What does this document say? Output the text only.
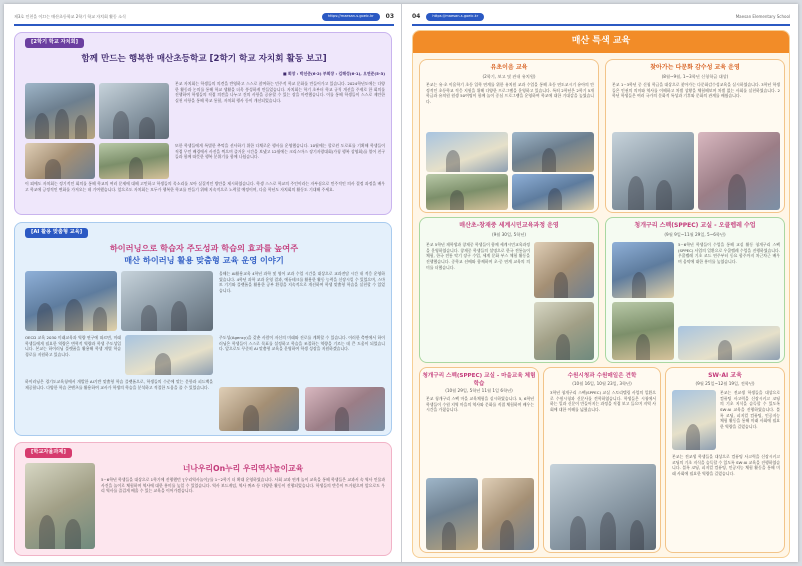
제3호 인천을 이끄는 매산초등학교 2학기 학교 자치회 활동 소식	https://maesan-s.goeic.kr	03
[2학기 학교 자치회]
함께 만드는 행복한 매산초등학교 [2학기 학교 자치회 활동 보고]
■ 회장 : 박선준(6-2) 부회장 : 김해성(6-1), 오연준(5-3)
본교 자치회는 학생들의 의견을 반영하고 스스로 참여하는 민주적 학교 문화를 만들어가고 있습니다. 2024학년도에는 다양한 활동과 논의를 통해 학교 생활을 더욱 풍성하게 만들었습니다. 자치회는 학기 초부터 학교 규칙 개선을 주제로 한 회의를 진행하여 학생들의 직접 의견을 나누고 건의 사항을 공유할 수 있는 장을 마련했습니다. 이를 통해 학생들이 스스로 제안한 실천 사항을 통해 학교 통합, 자치회 행사 등이 개선되었습니다.
또한 학생들에게 특별한 추억을 선사하기 위한 다채로운 행사를 운영했습니다. 10월에는 할로윈 도로표를 기획해 학생들이 직접 무언 배경에서 사진을 찍으며 즐거운 시간을 보냈고 12월에는 크리스마스 장기자랑대회(가칭 행복 상영회)를 열어 친구들과 함께 따뜻한 행복 분위기를 함께 나눴습니다.
이 외에도 자치회는 정기적인 회의를 통해 학교의 여러 문제에 대해 고민하고 학생들의 목소리를 모아 실질적인 방안을 제시하였습니다. 학생 스스로 학교의 주인이라는 자부심으로 민주적인 의사 결정 과정을 배우고 학교에 긍정적인 변화를 가져오는 데 기여했습니다. 앞으로도 자치회는 모두가 행복한 학교를 만들기 위해 지속적으로 노력할 예정이며, 다음 학년도 자치회의 활동도 기대해 주세요.
[AI 활용 맞춤형 교육]
하이러닝으로 학습자 주도성과 학습의 효과를 높여주
매산 하이러닝 활용 맞춤형 교육 운영 이야기
올해는 AI활용교육 4학년 과학 및 영어 교과 수업 시간을 대상으로 교과전담 시간 내 적응 운영하였습니다. 4학년 과학 교과 운영 결과, 에듀테크를 활용한 활동 능력을 신장시킬 수 있었으며, 스마트 기기와 플랫폼을 활용한 공부 환경을 지속적으로 개선하여 학생 맞춤형 학습을 실천할 수 있었습니다.
OECD 교육 2030 미래교육과 역량 연구에 따르면, 미래 학생들에게 필요한 역량은 변혁적 역량과 학생 주도성입니다. 본교는 하이러닝 플랫폼을 활용해 학생 개별 학습 경로를 지원하고 있습니다.
주도성(Agency)을 갖춘 사람이 자신의 미래와 진로를 계획할 수 있습니다. 이러한 측면에서 하이러닝은 학생들이 스스로 목표를 설정하고 학습을 조절하는 역량을 기르는 데 큰 도움이 되었습니다. 앞으로도 꾸준히 AI 맞춤형 교육을 운영하여 학생 성장을 지원하겠습니다.
하이러닝은 경기도교육청에서 개발한 AI기반 맞춤형 학습 플랫폼으로, 학생들의 수준에 맞는 문항과 피드백을 제공합니다. 다양한 학습 콘텐츠를 활용하여 교사가 학생의 학습을 분석하고 적절한 도움을 줄 수 있었습니다.
[학교자율과제]
너나우리On누리 우리역사놀이교육
5~6학년 학생들을 대상으로 1학기에 진행했던 '[우리역사놀이]'를 1~2학기 더 확대 운영하였습니다. 사회 교과 연계 놀이 교육을 통해 학생들은 교과서 속 역사 인물과 사건을 놀이로 체험하며 역사에 대한 흥미를 높일 수 있었습니다. 역사 보드게임, 역사 퀴즈 등 다양한 활동이 진행되었습니다. 학생들의 반응이 뜨거웠으며 앞으로도 우리 역사를 즐겁게 배울 수 있는 교육을 이어가겠습니다.
04	https://maesan-s.goeic.kr	Maesan Elementary School
매산 특색 교육
유초이음 교육
(2학기, 보고 및 관내 유치원)
본교는 유·초 이음학기 초등 입학 연계를 위한 유치원 교과 수업을 통해 초등 연도교시기 유아의 안정적인 초등학교 적응 지원을 위해 다양한 프로그램을 운영하고 있습니다. 특히 2학년은 2학기 5개 학급과 유치원 원생 50여명이 함께 놀이 중심 프로그램을 운영하여 학교에 대한 기대감을 높였습니다.
찾아가는 다문화 감수성 교육 운영
(8월~9월, 1~3학년 신청학급 대상)
본교 1~3학년 중 신청 학급을 대상으로 찾아가는 다문화감수성교육을 실시하였습니다. 3학년 학생들은 인권의 의미와 역사를 이해하고 차별 상황을 체험해보며 차별 없는 사회를 실천하였습니다. 2학년 학생들은 여러 국가의 문화적 특성과 기후와 문화의 관계를 배웠습니다.
매산초-창재중 세계시민교육과정 운영
(9월 30일, 5학년)
본교 5학년 재학생과 창재중 학생들이 함께 세계시민교육과정을 운영하였습니다. 창재중 학생들의 설명으로 한국 전통놀이 체험, 한국 전통 악기 장구 수업, 세계 문화 부스 체험 활동을 진행했습니다. 중학교 선배와 함께하며 초·중 연계 교육의 의미를 더했습니다.
청개구리 스펙(SPPEC) 교실 - 오클렙레 수업
(9월 9일~11월 29일, 5~6학년)
5~6학년 학생들이 수업을 통해 교실 활동 청개구리 스펙(SPPEC) 사업의 일환으로 우쿨렐레 수업을 진행하였습니다. 우쿨렐레 기초 코드 연주부터 동요 합주까지 차근차근 배우며 음악에 대한 흥미를 높였습니다.
청개구리 스펙(SPPEC) 교실 - 마을교육 체험학습
(10월 29일, 5학년 11월 1일 6학년)
본교 청개구리 스펙 마을 교육체험을 실시하였습니다. 5, 6학년 학생들이 수원 지역 마을의 역사와 문화를 직접 체험하며 배우는 시간을 가졌습니다.
수원시청과 수원매일은 견학
(10월 16일, 10월 23일, 3학년)
3학년 청개구리 스펙(SPPEC) 교실 스토리텔링 사업의 일환으로 수원시청과 신문사를 견학하였습니다. 학생들은 시청에서 하는 일과 신문이 만들어지는 과정을 직접 보고 들으며 지역 사회에 대한 이해를 넓혔습니다.
SW·AI 교육
(9월 25일~12월 19일, 전학년)
본교는 전교생 학생들을 대상으로 컴퓨팅 사고력을 신장시키고 코딩의 기초 지식을 습득할 수 있도록 SW·AI 교육을 진행하였습니다. 블록 코딩, 피지컬 컴퓨팅, 인공지능 체험 활동을 통해 미래 사회에 필요한 역량을 길렀습니다.
본교는 전교생 학생들을 대상으로 컴퓨팅 사고력을 신장시키고 코딩의 기초 지식을 습득할 수 있도록 SW·AI 교육을 진행하였습니다. 블록 코딩, 피지컬 컴퓨팅, 인공지능 체험 활동을 통해 미래 사회에 필요한 역량을 길렀습니다.
